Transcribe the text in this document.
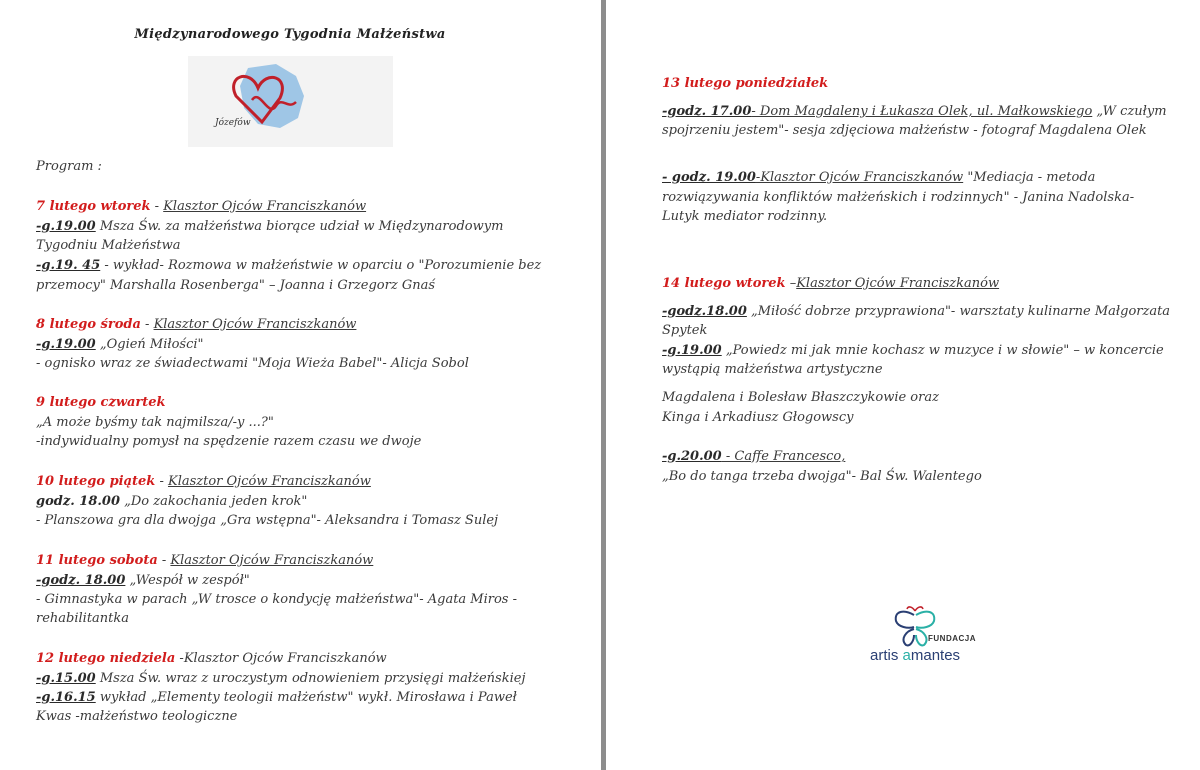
Międzynarodowego Tygodnia Małżeństwa
Józefów
Program :
7 lutego wtorek - Klasztor Ojców Franciszkanów
-g.19.00 Msza Św. za małżeństwa biorące udział w Międzynarodowym
Tygodniu Małżeństwa
-g.19. 45 - wykład- Rozmowa w małżeństwie w oparciu o "Porozumienie bez
przemocy" Marshalla Rosenberga" – Joanna i Grzegorz Gnaś
8 lutego środa - Klasztor Ojców Franciszkanów
-g.19.00 „Ogień Miłości"
- ognisko wraz ze świadectwami "Moja Wieża Babel"- Alicja Sobol
9 lutego czwartek
„A może byśmy tak najmilsza/-y ...?"
-indywidualny pomysł na spędzenie razem czasu we dwoje
10 lutego piątek - Klasztor Ojców Franciszkanów
godz. 18.00 „Do zakochania jeden krok"
- Planszowa gra dla dwojga „Gra wstępna"- Aleksandra i Tomasz Sulej
11 lutego sobota - Klasztor Ojców Franciszkanów
-godz. 18.00 „Wespół w zespół"
- Gimnastyka w parach „W trosce o kondycję małżeństwa"- Agata Miros -
rehabilitantka
12 lutego niedziela -Klasztor Ojców Franciszkanów
-g.15.00 Msza Św. wraz z uroczystym odnowieniem przysięgi małżeńskiej
-g.16.15 wykład „Elementy teologii małżeństw" wykł. Mirosława i Paweł
Kwas -małżeństwo teologiczne
13 lutego poniedziałek
-godz. 17.00- Dom Magdaleny i Łukasza Olek, ul. Małkowskiego „W czułym
spojrzeniu jestem"- sesja zdjęciowa małżeństw - fotograf Magdalena Olek
- godz. 19.00-Klasztor Ojców Franciszkanów "Mediacja - metoda
rozwiązywania konfliktów małżeńskich i rodzinnych" - Janina Nadolska-
Lutyk mediator rodzinny.
14 lutego wtorek –Klasztor Ojców Franciszkanów
-godz.18.00 „Miłość dobrze przyprawiona"- warsztaty kulinarne Małgorzata
Spytek
-g.19.00 „Powiedz mi jak mnie kochasz w muzyce i w słowie" – w koncercie
wystąpią małżeństwa artystyczne
Magdalena i Bolesław Błaszczykowie oraz
Kinga i Arkadiusz Głogowscy
-g.20.00 - Caffe Francesco,
„Bo do tanga trzeba dwojga"- Bal Św. Walentego
FUNDACJA
artis amantes
